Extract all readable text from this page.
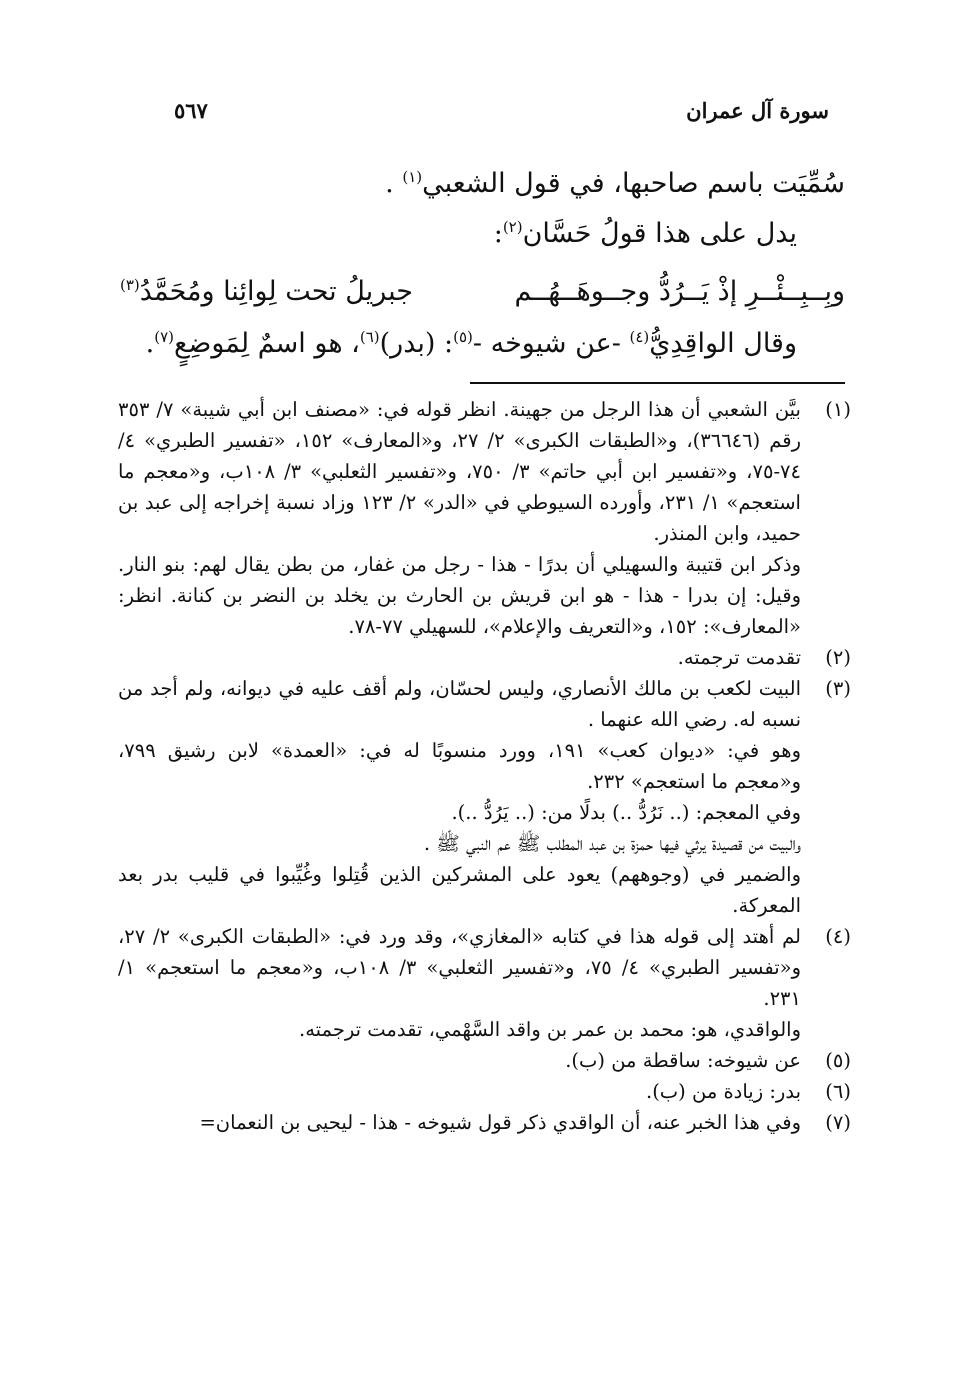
سورة آل عمران
٥٦٧
سُمِّيَت باسم صاحبها، في قول الشعبي$^{(١)}$ .
يدل على هذا قولُ حَسَّان$^{(٢)}$:
وبِــبِــئْــرِ إذْ يَــرُدُّ وجــوهَــهُــم
جبريلُ تحت لِوائِنا ومُحَمَّدُ$^{(٣)}$
وقال الواقِدِيُّ$^{(٤)}$ -عن شيوخه -$^{(٥)}$: (بدر)$^{(٦)}$، هو اسمٌ لِمَوضِعٍ$^{(٧)}$.
(١)
بيَّن الشعبي أن هذا الرجل من جهينة. انظر قوله في: «مصنف ابن أبي شيبة» ٧/ ٣٥٣ رقم (٣٦٦٤٦)، و«الطبقات الكبرى» ٢/ ٢٧، و«المعارف» ١٥٢، «تفسير الطبري» ٤/ ٧٤-٧٥، و«تفسير ابن أبي حاتم» ٣/ ٧٥٠، و«تفسير الثعلبي» ٣/ ١٠٨ب، و«معجم ما استعجم» ١/ ٢٣١، وأورده السيوطي في «الدر» ٢/ ١٢٣ وزاد نسبة إخراجه إلى عبد بن حميد، وابن المنذر.
وذكر ابن قتيبة والسهيلي أن بدرًا - هذا - رجل من غفار، من بطن يقال لهم: بنو النار. وقيل: إن بدرا - هذا - هو ابن قريش بن الحارث بن يخلد بن النضر بن كنانة. انظر: «المعارف»: ١٥٢، و«التعريف والإعلام»، للسهيلي ٧٧-٧٨.
(٢)
تقدمت ترجمته.
(٣)
البيت لكعب بن مالك الأنصاري، وليس لحسّان، ولم أقف عليه في ديوانه، ولم أجد من نسبه له. رضي الله عنهما .
وهو في: «ديوان كعب» ١٩١، وورد منسوبًا له في: «العمدة» لابن رشيق ٧٩٩، و«معجم ما استعجم» ٢٣٢.
وفي المعجم: (.. نَرُدُّ ..) بدلًا من: (.. يَرُدُّ ..).
والبيت من قصيدة يرثي فيها حمزة بن عبد المطلب ﷺ عم النبي ﷺ .
والضمير في (وجوههم) يعود على المشركين الذين قُتِلوا وغُيِّبوا في قليب بدر بعد المعركة.
(٤)
لم أهتد إلى قوله هذا في كتابه «المغازي»، وقد ورد في: «الطبقات الكبرى» ٢/ ٢٧، و«تفسير الطبري» ٤/ ٧٥، و«تفسير الثعلبي» ٣/ ١٠٨ب، و«معجم ما استعجم» ١/ ٢٣١.
والواقدي، هو: محمد بن عمر بن واقد السَّهْمي، تقدمت ترجمته.
(٥)
عن شيوخه: ساقطة من (ب).
(٦)
بدر: زيادة من (ب).
(٧)
وفي هذا الخبر عنه، أن الواقدي ذكر قول شيوخه - هذا - ليحيى بن النعمان=
